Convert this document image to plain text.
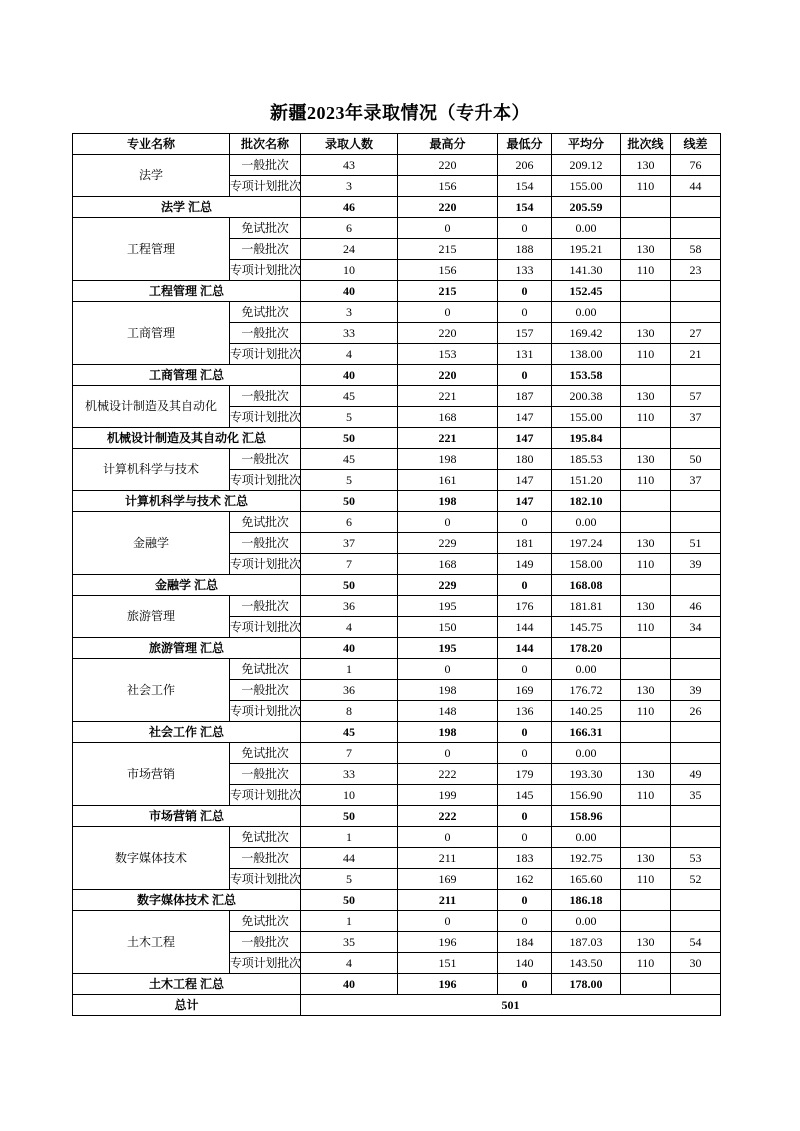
新疆2023年录取情况（专升本）
专业名称	批次名称	录取人数	最高分	最低分	平均分	批次线	线差
法学	一般批次	43	220	206	209.12	130	76
	专项计划批次	3	156	154	155.00	110	44
法学 汇总		46	220	154	205.59		
工程管理	免试批次	6	0	0	0.00		
	一般批次	24	215	188	195.21	130	58
	专项计划批次	10	156	133	141.30	110	23
工程管理 汇总		40	215	0	152.45		
工商管理	免试批次	3	0	0	0.00		
	一般批次	33	220	157	169.42	130	27
	专项计划批次	4	153	131	138.00	110	21
工商管理 汇总		40	220	0	153.58		
机械设计制造及其自动化	一般批次	45	221	187	200.38	130	57
	专项计划批次	5	168	147	155.00	110	37
机械设计制造及其自动化 汇总		50	221	147	195.84		
计算机科学与技术	一般批次	45	198	180	185.53	130	50
	专项计划批次	5	161	147	151.20	110	37
计算机科学与技术 汇总		50	198	147	182.10		
金融学	免试批次	6	0	0	0.00		
	一般批次	37	229	181	197.24	130	51
	专项计划批次	7	168	149	158.00	110	39
金融学 汇总		50	229	0	168.08		
旅游管理	一般批次	36	195	176	181.81	130	46
	专项计划批次	4	150	144	145.75	110	34
旅游管理 汇总		40	195	144	178.20		
社会工作	免试批次	1	0	0	0.00		
	一般批次	36	198	169	176.72	130	39
	专项计划批次	8	148	136	140.25	110	26
社会工作 汇总		45	198	0	166.31		
市场营销	免试批次	7	0	0	0.00		
	一般批次	33	222	179	193.30	130	49
	专项计划批次	10	199	145	156.90	110	35
市场营销 汇总		50	222	0	158.96		
数字媒体技术	免试批次	1	0	0	0.00		
	一般批次	44	211	183	192.75	130	53
	专项计划批次	5	169	162	165.60	110	52
数字媒体技术 汇总		50	211	0	186.18		
土木工程	免试批次	1	0	0	0.00		
	一般批次	35	196	184	187.03	130	54
	专项计划批次	4	151	140	143.50	110	30
土木工程 汇总		40	196	0	178.00		
总计		501					
